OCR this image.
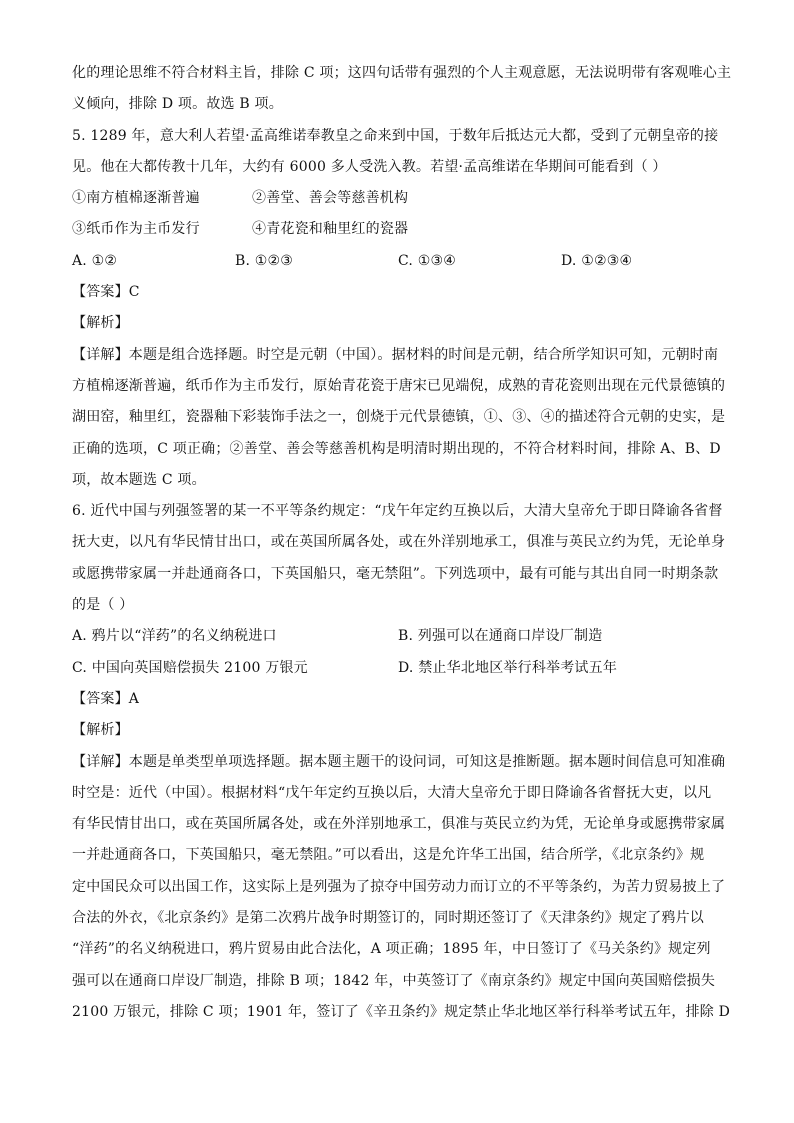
化的理论思维不符合材料主旨，排除 C 项；这四句话带有强烈的个人主观意愿，无法说明带有客观唯心主
义倾向，排除 D 项。故选 B 项。
5. 1289 年，意大利人若望·孟高维诺奉教皇之命来到中国，于数年后抵达元大都，受到了元朝皇帝的接
见。他在大都传教十几年，大约有 6000 多人受洗入教。若望·孟高维诺在华期间可能看到（ ）
①南方植棉逐渐普遍	②善堂、善会等慈善机构
③纸币作为主币发行	④青花瓷和釉里红的瓷器
A. ①②	B. ①②③	C. ①③④	D. ①②③④
【答案】C
【解析】
【详解】本题是组合选择题。时空是元朝（中国）。据材料的时间是元朝，结合所学知识可知，元朝时南
方植棉逐渐普遍，纸币作为主币发行，原始青花瓷于唐宋已见端倪，成熟的青花瓷则出现在元代景德镇的
湖田窑，釉里红，瓷器釉下彩装饰手法之一，创烧于元代景德镇，①、③、④的描述符合元朝的史实，是
正确的选项，C 项正确；②善堂、善会等慈善机构是明清时期出现的，不符合材料时间，排除 A、B、D
项，故本题选 C 项。
6. 近代中国与列强签署的某一不平等条约规定：“戊午年定约互换以后，大清大皇帝允于即日降谕各省督
抚大吏，以凡有华民情甘出口，或在英国所属各处，或在外洋别地承工，俱准与英民立约为凭，无论单身
或愿携带家属一并赴通商各口，下英国船只，毫无禁阻”。下列选项中，最有可能与其出自同一时期条款
的是（ ）
A. 鸦片以“洋药”的名义纳税进口	B. 列强可以在通商口岸设厂制造
C. 中国向英国赔偿损失 2100 万银元	D. 禁止华北地区举行科举考试五年
【答案】A
【解析】
【详解】本题是单类型单项选择题。据本题主题干的设问词，可知这是推断题。据本题时间信息可知准确
时空是：近代（中国）。根据材料“戊午年定约互换以后，大清大皇帝允于即日降谕各省督抚大吏，以凡
有华民情甘出口，或在英国所属各处，或在外洋别地承工，俱准与英民立约为凭，无论单身或愿携带家属
一并赴通商各口，下英国船只，毫无禁阻。”可以看出，这是允许华工出国，结合所学，《北京条约》规
定中国民众可以出国工作，这实际上是列强为了掠夺中国劳动力而订立的不平等条约，为苦力贸易披上了
合法的外衣，《北京条约》是第二次鸦片战争时期签订的，同时期还签订了《天津条约》规定了鸦片以
“洋药”的名义纳税进口，鸦片贸易由此合法化，A 项正确；1895 年，中日签订了《马关条约》规定列
强可以在通商口岸设厂制造，排除 B 项；1842 年，中英签订了《南京条约》规定中国向英国赔偿损失
2100 万银元，排除 C 项；1901 年，签订了《辛丑条约》规定禁止华北地区举行科举考试五年，排除 D
